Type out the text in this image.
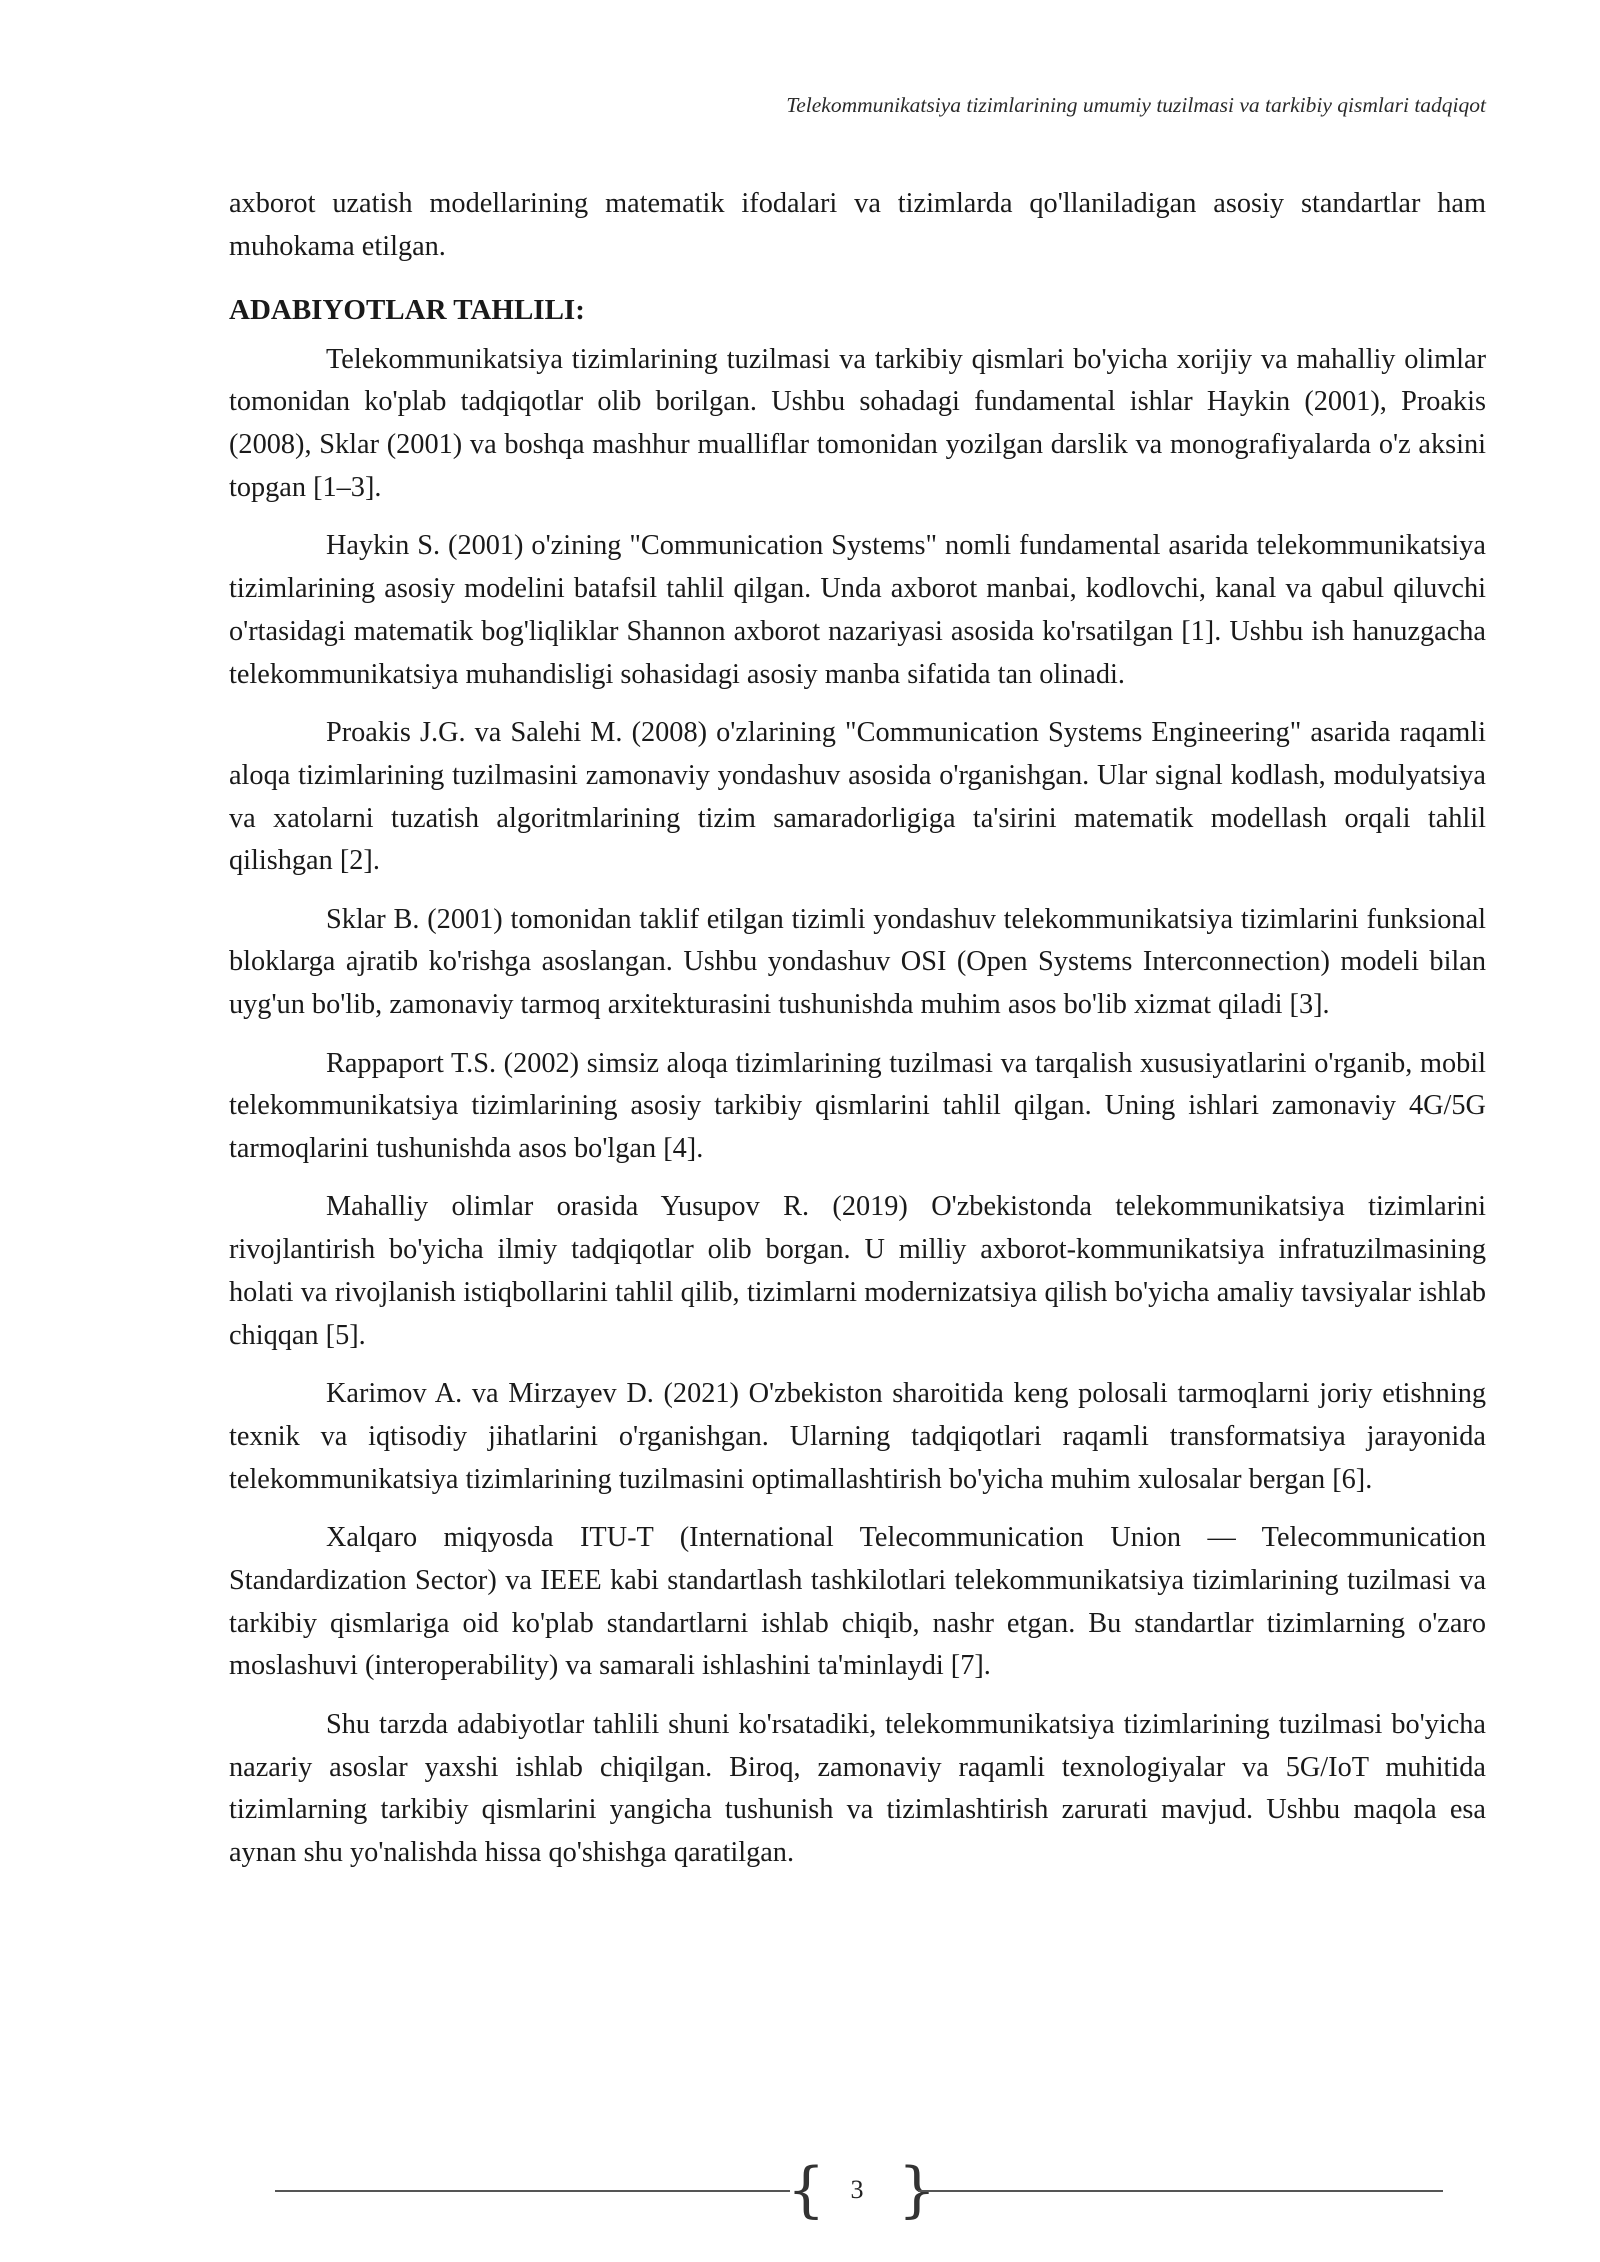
Telekommunikatsiya tizimlarining umumiy tuzilmasi va tarkibiy qismlari tadqiqot

axborot uzatish modellarining matematik ifodalari va tizimlarda qo'llaniladigan asosiy standartlar ham muhokama etilgan.

ADABIYOTLAR TAHLILI:

Telekommunikatsiya tizimlarining tuzilmasi va tarkibiy qismlari bo'yicha xorijiy va mahalliy olimlar tomonidan ko'plab tadqiqotlar olib borilgan. Ushbu sohadagi fundamental ishlar Haykin (2001), Proakis (2008), Sklar (2001) va boshqa mashhur mualliflar tomonidan yozilgan darslik va monografiyalarda o'z aksini topgan [1–3].

Haykin S. (2001) o'zining "Communication Systems" nomli fundamental asarida telekommunikatsiya tizimlarining asosiy modelini batafsil tahlil qilgan. Unda axborot manbai, kodlovchi, kanal va qabul qiluvchi o'rtasidagi matematik bog'liqliklar Shannon axborot nazariyasi asosida ko'rsatilgan [1]. Ushbu ish hanuzgacha telekommunikatsiya muhandisligi sohasidagi asosiy manba sifatida tan olinadi.

Proakis J.G. va Salehi M. (2008) o'zlarining "Communication Systems Engineering" asarida raqamli aloqa tizimlarining tuzilmasini zamonaviy yondashuv asosida o'rganishgan. Ular signal kodlash, modulyatsiya va xatolarni tuzatish algoritmlarining tizim samaradorligiga ta'sirini matematik modellash orqali tahlil qilishgan [2].

Sklar B. (2001) tomonidan taklif etilgan tizimli yondashuv telekommunikatsiya tizimlarini funksional bloklarga ajratib ko'rishga asoslangan. Ushbu yondashuv OSI (Open Systems Interconnection) modeli bilan uyg'un bo'lib, zamonaviy tarmoq arxitekturasini tushunishda muhim asos bo'lib xizmat qiladi [3].

Rappaport T.S. (2002) simsiz aloqa tizimlarining tuzilmasi va tarqalish xususiyatlarini o'rganib, mobil telekommunikatsiya tizimlarining asosiy tarkibiy qismlarini tahlil qilgan. Uning ishlari zamonaviy 4G/5G tarmoqlarini tushunishda asos bo'lgan [4].

Mahalliy olimlar orasida Yusupov R. (2019) O'zbekistonda telekommunikatsiya tizimlarini rivojlantirish bo'yicha ilmiy tadqiqotlar olib borgan. U milliy axborot-kommunikatsiya infratuzilmasining holati va rivojlanish istiqbollarini tahlil qilib, tizimlarni modernizatsiya qilish bo'yicha amaliy tavsiyalar ishlab chiqqan [5].

Karimov A. va Mirzayev D. (2021) O'zbekiston sharoitida keng polosali tarmoqlarni joriy etishning texnik va iqtisodiy jihatlarini o'rganishgan. Ularning tadqiqotlari raqamli transformatsiya jarayonida telekommunikatsiya tizimlarining tuzilmasini optimallashtirish bo'yicha muhim xulosalar bergan [6].

Xalqaro miqyosda ITU-T (International Telecommunication Union — Telecommunication Standardization Sector) va IEEE kabi standartlash tashkilotlari telekommunikatsiya tizimlarining tuzilmasi va tarkibiy qismlariga oid ko'plab standartlarni ishlab chiqib, nashr etgan. Bu standartlar tizimlarning o'zaro moslashuvi (interoperability) va samarali ishlashini ta'minlaydi [7].

Shu tarzda adabiyotlar tahlili shuni ko'rsatadiki, telekommunikatsiya tizimlarining tuzilmasi bo'yicha nazariy asoslar yaxshi ishlab chiqilgan. Biroq, zamonaviy raqamli texnologiyalar va 5G/IoT muhitida tizimlarning tarkibiy qismlarini yangicha tushunish va tizimlashtirish zarurati mavjud. Ushbu maqola esa aynan shu yo'nalishda hissa qo'shishga qaratilgan.

{ 3 }
